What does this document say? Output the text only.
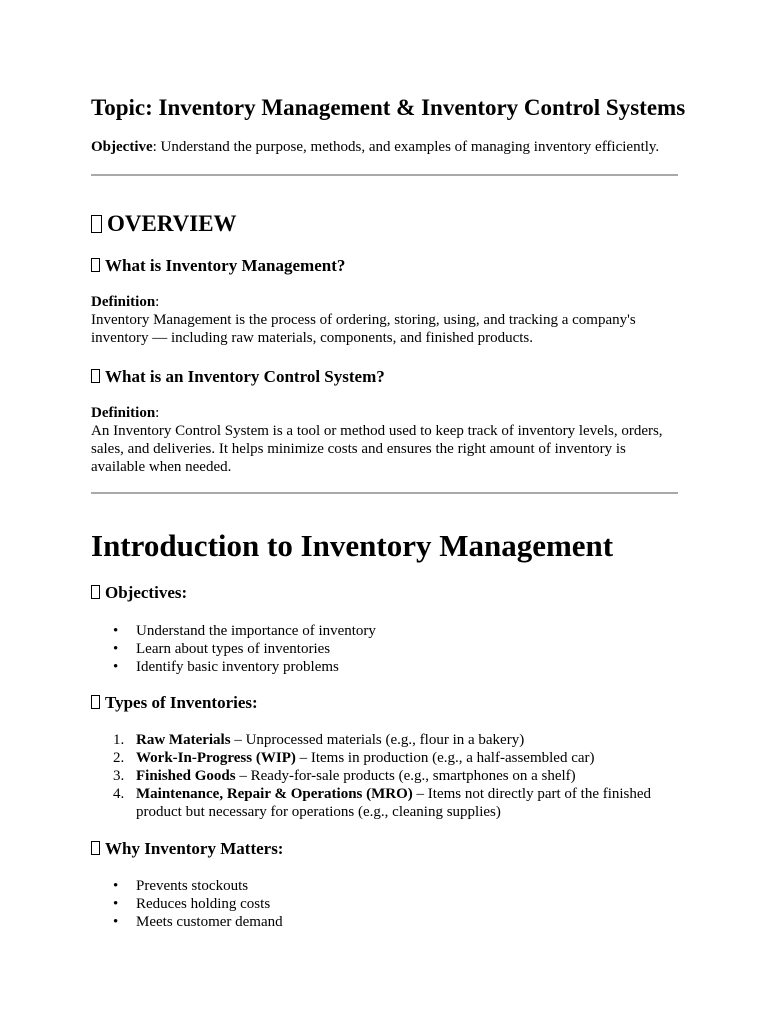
Topic: Inventory Management & Inventory Control Systems
Objective: Understand the purpose, methods, and examples of managing inventory efficiently.
OVERVIEW
What is Inventory Management?
Definition:
Inventory Management is the process of ordering, storing, using, and tracking a company's inventory — including raw materials, components, and finished products.
What is an Inventory Control System?
Definition:
An Inventory Control System is a tool or method used to keep track of inventory levels, orders, sales, and deliveries. It helps minimize costs and ensures the right amount of inventory is available when needed.
Introduction to Inventory Management
Objectives:
• Understand the importance of inventory
• Learn about types of inventories
• Identify basic inventory problems
Types of Inventories:
1. Raw Materials – Unprocessed materials (e.g., flour in a bakery)
2. Work-In-Progress (WIP) – Items in production (e.g., a half-assembled car)
3. Finished Goods – Ready-for-sale products (e.g., smartphones on a shelf)
4. Maintenance, Repair & Operations (MRO) – Items not directly part of the finished product but necessary for operations (e.g., cleaning supplies)
Why Inventory Matters:
• Prevents stockouts
• Reduces holding costs
• Meets customer demand
